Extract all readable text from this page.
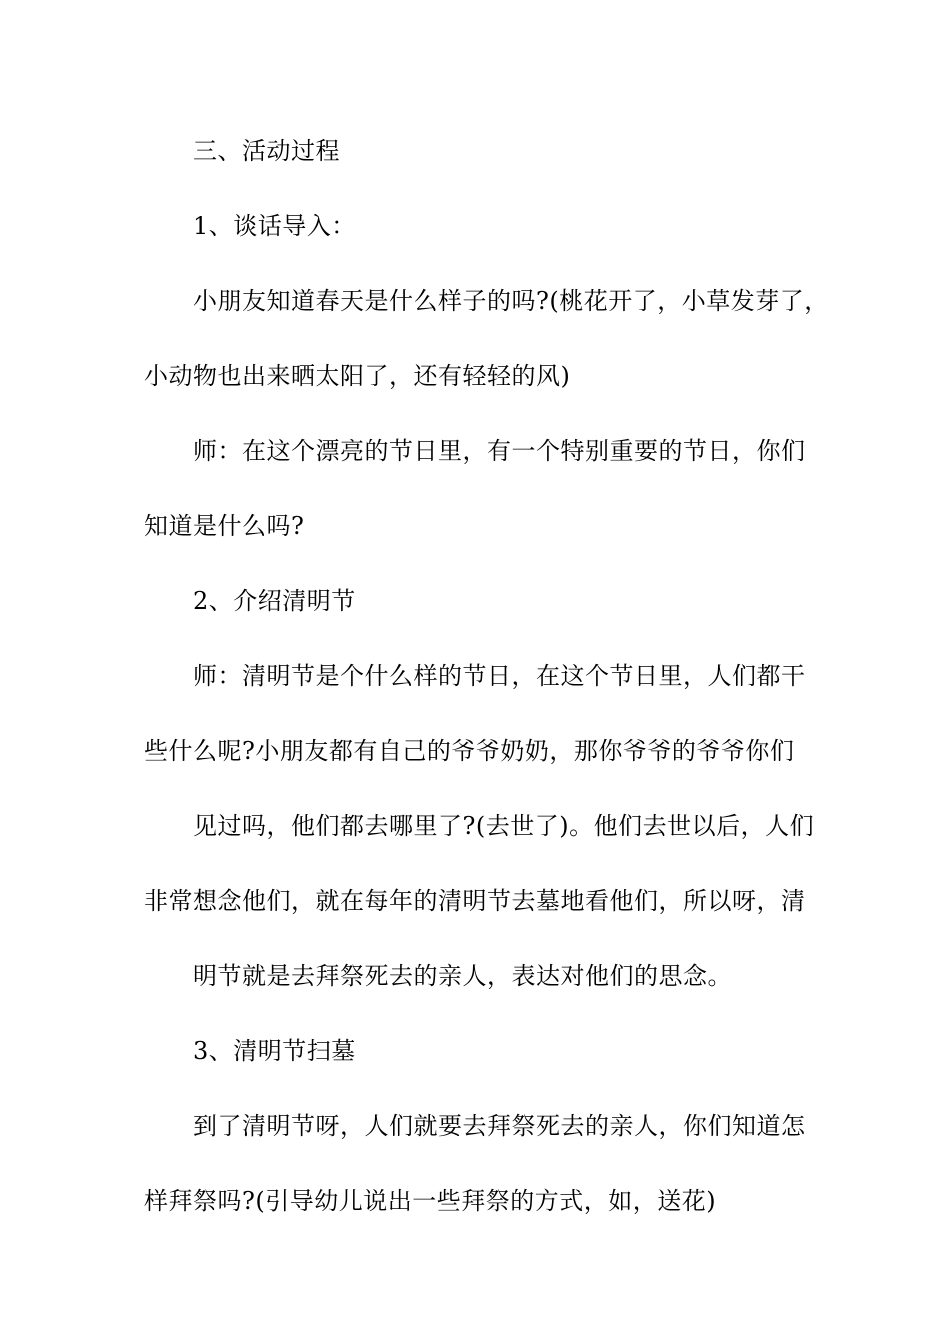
三、活动过程
1、谈话导入：
小朋友知道春天是什么样子的吗?(桃花开了，小草发芽了，
小动物也出来晒太阳了，还有轻轻的风)
师：在这个漂亮的节日里，有一个特别重要的节日，你们
知道是什么吗?
2、介绍清明节
师：清明节是个什么样的节日，在这个节日里，人们都干
些什么呢?小朋友都有自己的爷爷奶奶，那你爷爷的爷爷你们
见过吗，他们都去哪里了?(去世了)。他们去世以后，人们
非常想念他们，就在每年的清明节去墓地看他们，所以呀，清
明节就是去拜祭死去的亲人，表达对他们的思念。
3、清明节扫墓
到了清明节呀，人们就要去拜祭死去的亲人，你们知道怎
样拜祭吗?(引导幼儿说出一些拜祭的方式，如，送花)
